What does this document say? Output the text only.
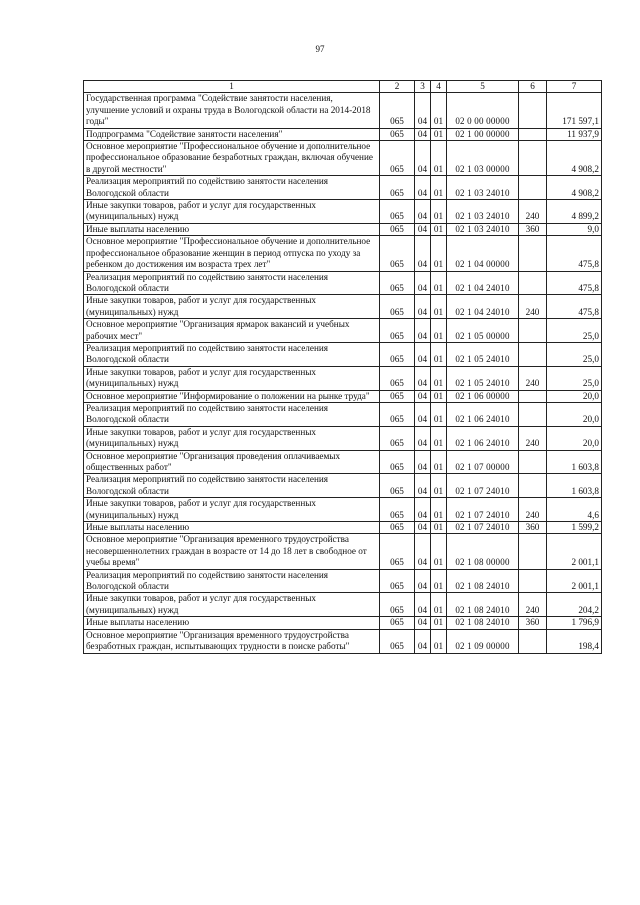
97
1	2	3	4	5	6	7
Государственная программа "Содействие занятости населения, улучшение условий и охраны труда в Вологодской области на 2014-2018 годы"	065	04	01	02 0 00 00000		171 597,1
Подпрограмма "Содействие занятости населения"	065	04	01	02 1 00 00000		11 937,9
Основное мероприятие "Профессиональное обучение и дополнительное профессиональное образование безработных граждан, включая обучение в другой местности"	065	04	01	02 1 03 00000		4 908,2
Реализация мероприятий по содействию занятости населения Вологодской области	065	04	01	02 1 03 24010		4 908,2
Иные закупки товаров, работ и услуг для государственных (муниципальных) нужд	065	04	01	02 1 03 24010	240	4 899,2
Иные выплаты населению	065	04	01	02 1 03 24010	360	9,0
Основное мероприятие "Профессиональное обучение и дополнительное профессиональное образование женщин в период отпуска по уходу за ребенком до достижения им возраста трех лет"	065	04	01	02 1 04 00000		475,8
Реализация мероприятий по содействию занятости населения Вологодской области	065	04	01	02 1 04 24010		475,8
Иные закупки товаров, работ и услуг для государственных (муниципальных) нужд	065	04	01	02 1 04 24010	240	475,8
Основное мероприятие "Организация ярмарок вакансий и учебных рабочих мест"	065	04	01	02 1 05 00000		25,0
Реализация мероприятий по содействию занятости населения Вологодской области	065	04	01	02 1 05 24010		25,0
Иные закупки товаров, работ и услуг для государственных (муниципальных) нужд	065	04	01	02 1 05 24010	240	25,0
Основное мероприятие "Информирование о положении на рынке труда"	065	04	01	02 1 06 00000		20,0
Реализация мероприятий по содействию занятости населения Вологодской области	065	04	01	02 1 06 24010		20,0
Иные закупки товаров, работ и услуг для государственных (муниципальных) нужд	065	04	01	02 1 06 24010	240	20,0
Основное мероприятие "Организация проведения оплачиваемых общественных работ"	065	04	01	02 1 07 00000		1 603,8
Реализация мероприятий по содействию занятости населения Вологодской области	065	04	01	02 1 07 24010		1 603,8
Иные закупки товаров, работ и услуг для государственных (муниципальных) нужд	065	04	01	02 1 07 24010	240	4,6
Иные выплаты населению	065	04	01	02 1 07 24010	360	1 599,2
Основное мероприятие "Организация временного трудоустройства несовершеннолетних граждан в возрасте от 14 до 18 лет в свободное от учебы время"	065	04	01	02 1 08 00000		2 001,1
Реализация мероприятий по содействию занятости населения Вологодской области	065	04	01	02 1 08 24010		2 001,1
Иные закупки товаров, работ и услуг для государственных (муниципальных) нужд	065	04	01	02 1 08 24010	240	204,2
Иные выплаты населению	065	04	01	02 1 08 24010	360	1 796,9
Основное мероприятие "Организация временного трудоустройства безработных граждан, испытывающих трудности в поиске работы"	065	04	01	02 1 09 00000		198,4
